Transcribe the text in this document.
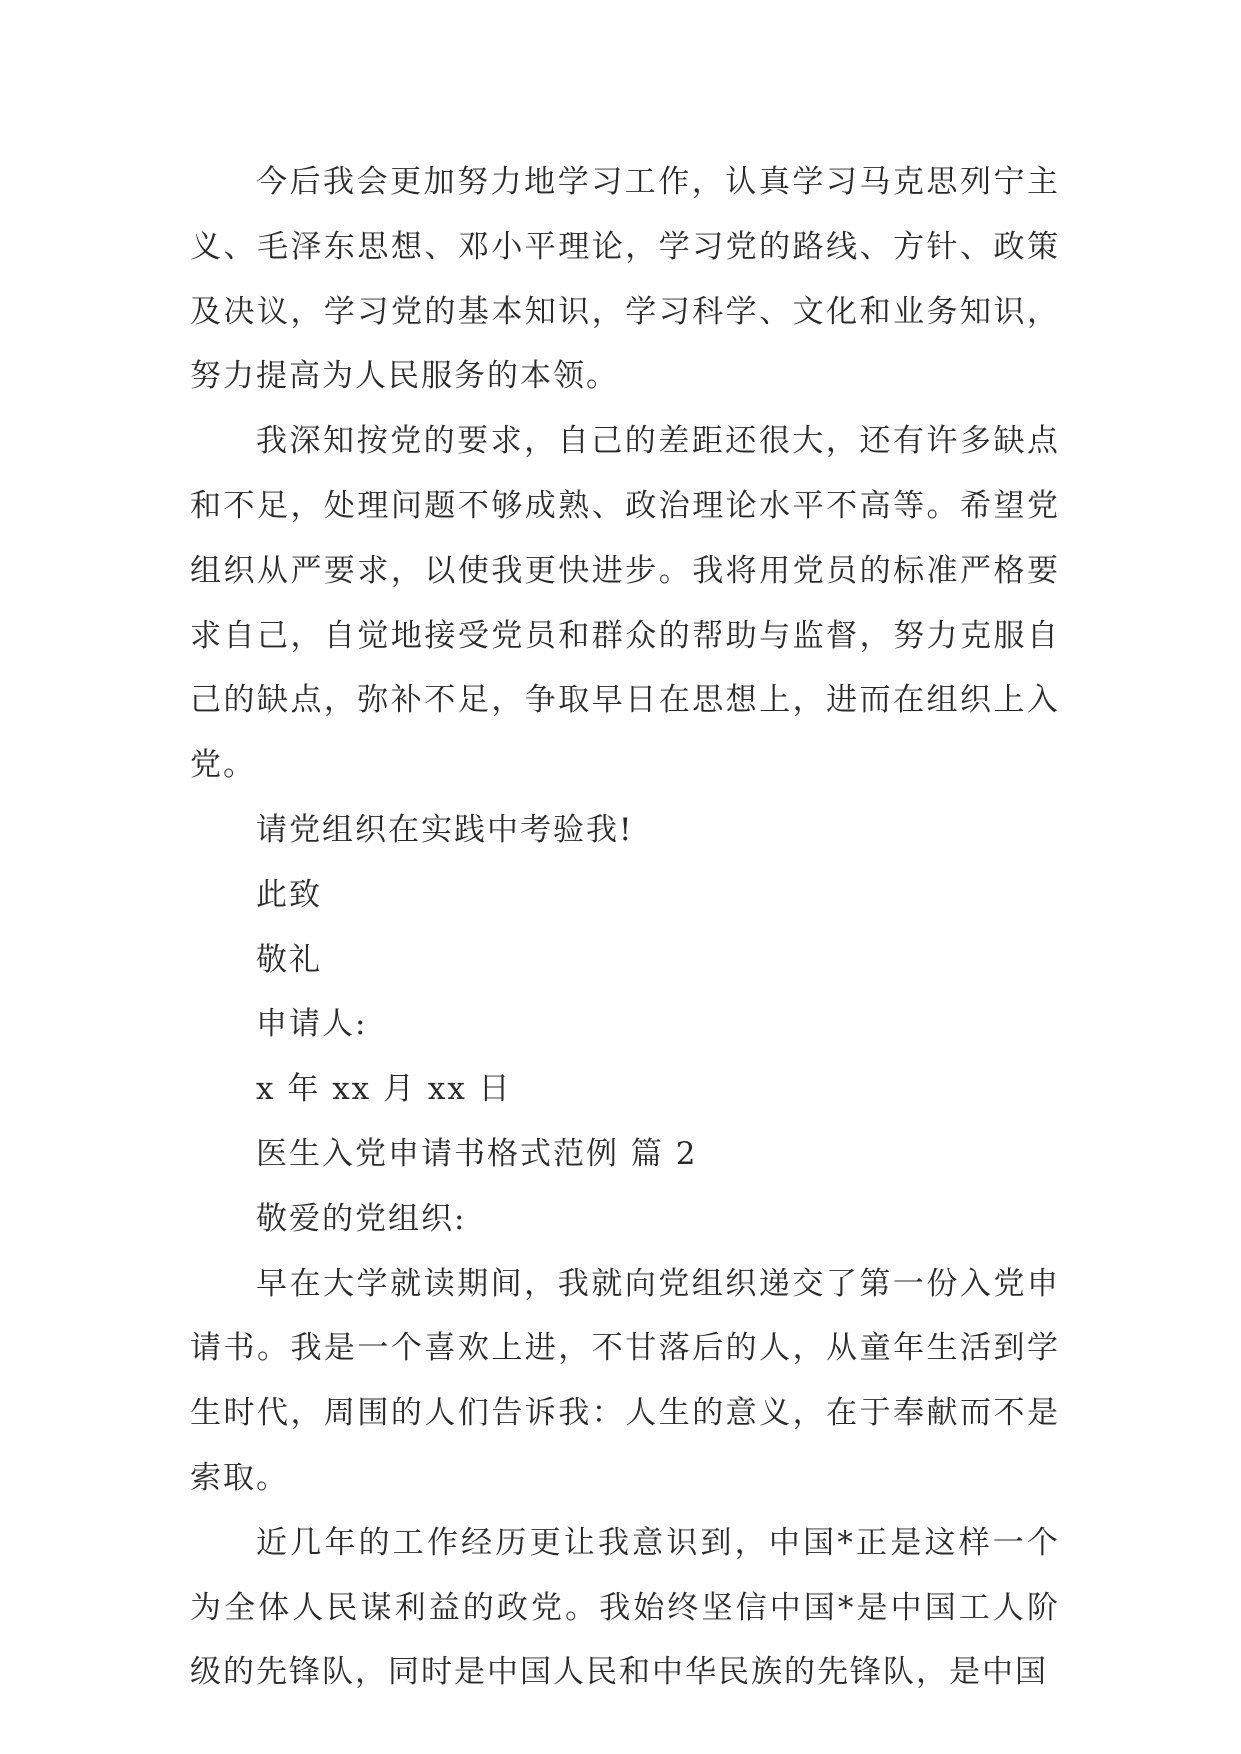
今后我会更加努力地学习工作，认真学习马克思列宁主义、毛泽东思想、邓小平理论，学习党的路线、方针、政策及决议，学习党的基本知识，学习科学、文化和业务知识，努力提高为人民服务的本领。

我深知按党的要求，自己的差距还很大，还有许多缺点和不足，处理问题不够成熟、政治理论水平不高等。希望党组织从严要求，以使我更快进步。我将用党员的标准严格要求自己，自觉地接受党员和群众的帮助与监督，努力克服自己的缺点，弥补不足，争取早日在思想上，进而在组织上入党。

请党组织在实践中考验我!

此致

敬礼

申请人:

x 年 xx 月 xx 日

医生入党申请书格式范例 篇 2

敬爱的党组织:

早在大学就读期间，我就向党组织递交了第一份入党申请书。我是一个喜欢上进，不甘落后的人，从童年生活到学生时代，周围的人们告诉我：人生的意义，在于奉献而不是索取。

近几年的工作经历更让我意识到，中国*正是这样一个为全体人民谋利益的政党。我始终坚信中国*是中国工人阶级的先锋队，同时是中国人民和中华民族的先锋队，是中国
